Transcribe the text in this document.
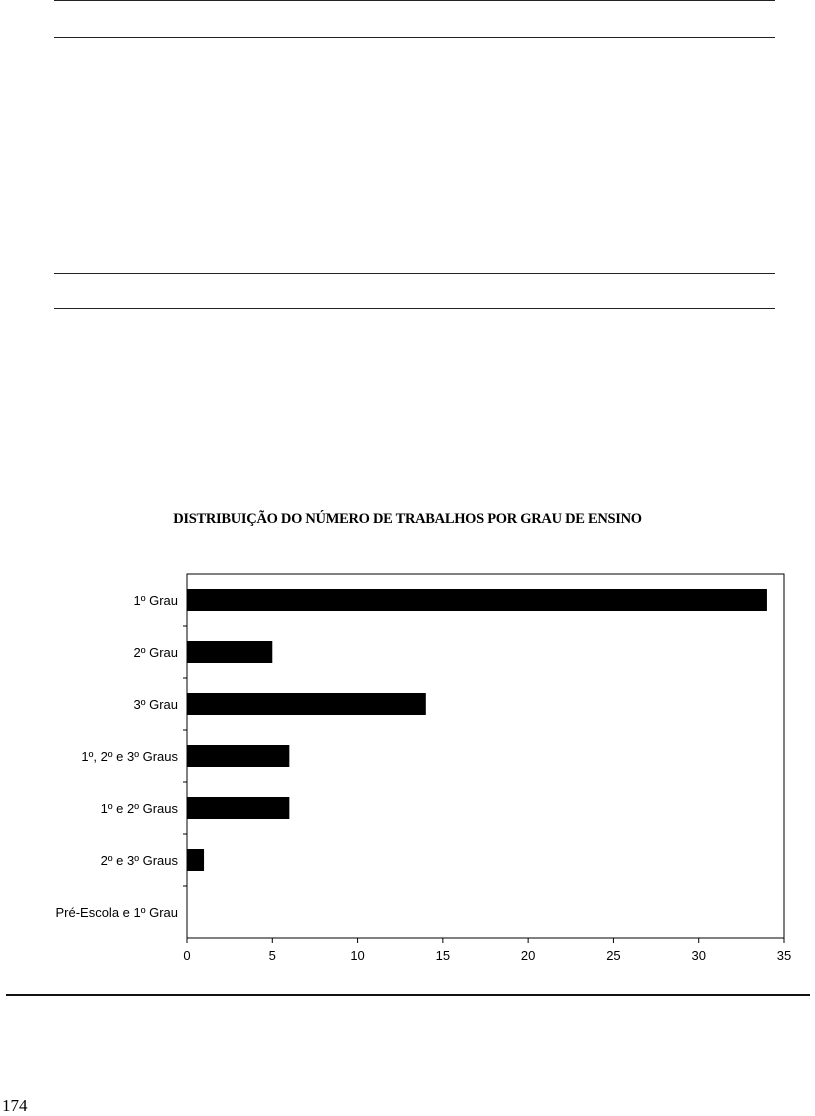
DISTRIBUIÇÃO DO NÚMERO DE TRABALHOS POR GRAU DE ENSINO
1º Grau
2º Grau
3º Grau
1º, 2º e 3º Graus
1º e 2º Graus
2º e 3º Graus
Pré-Escola e 1º Grau
0	5	10	15	20	25	30	35
174
